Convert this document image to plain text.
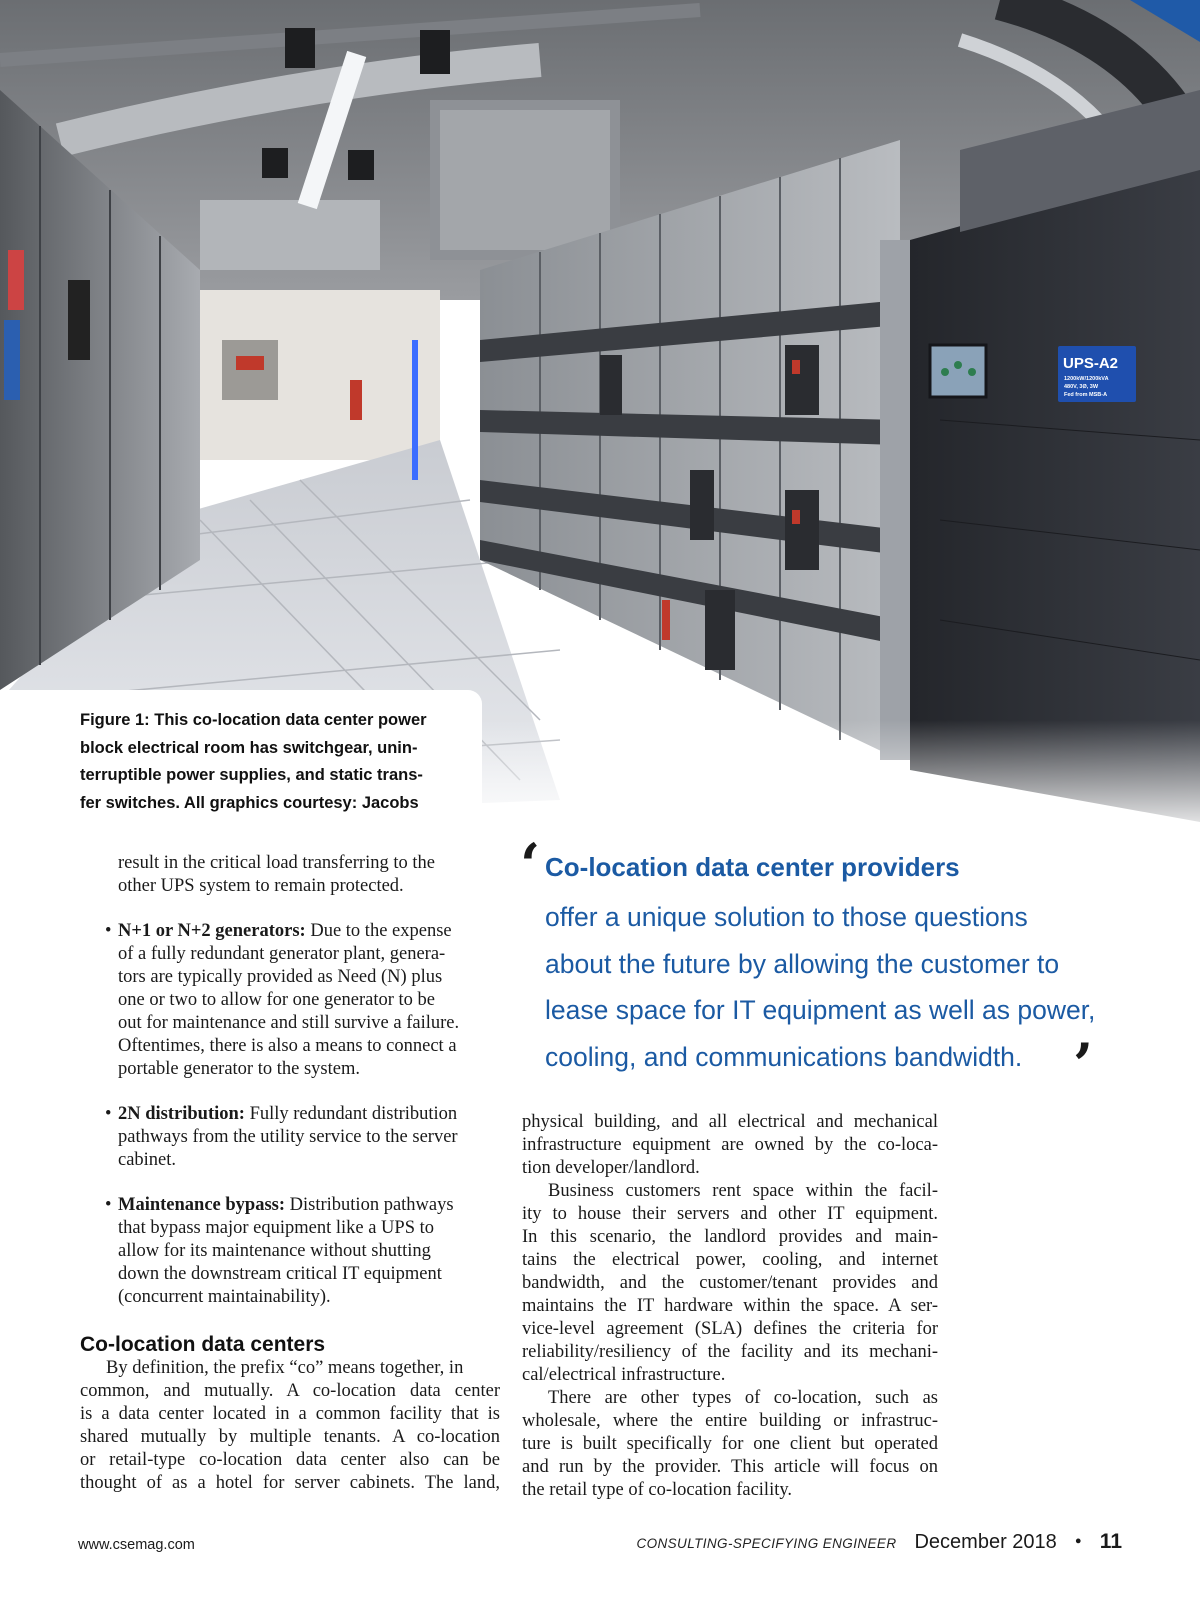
UPS-A2
1200kW/1200kVA
480V, 3Ø, 3W
Fed from MSB-A
Figure 1: This co-location data center power
block electrical room has switchgear, unin-
terruptible power supplies, and static trans-
fer switches. All graphics courtesy: Jacobs
‘ Co-location data center providers
offer a unique solution to those questions
about the future by allowing the customer to
lease space for IT equipment as well as power,
cooling, and communications bandwidth. ’
result in the critical load transferring to the
other UPS system to remain protected.
• N+1 or N+2 generators: Due to the expense
of a fully redundant generator plant, genera-
tors are typically provided as Need (N) plus
one or two to allow for one generator to be
out for maintenance and still survive a failure.
Oftentimes, there is also a means to connect a
portable generator to the system.
• 2N distribution: Fully redundant distribution
pathways from the utility service to the server
cabinet.
• Maintenance bypass: Distribution pathways
that bypass major equipment like a UPS to
allow for its maintenance without shutting
down the downstream critical IT equipment
(concurrent maintainability).
Co-location data centers
By definition, the prefix “co” means together, in
common, and mutually. A co-location data center
is a data center located in a common facility that is
shared mutually by multiple tenants. A co-location
or retail-type co-location data center also can be
thought of as a hotel for server cabinets. The land,

physical building, and all electrical and mechanical
infrastructure equipment are owned by the co-loca-
tion developer/landlord.

Business customers rent space within the facil-
ity to house their servers and other IT equipment.
In this scenario, the landlord provides and main-
tains the electrical power, cooling, and internet
bandwidth, and the customer/tenant provides and
maintains the IT hardware within the space. A ser-
vice-level agreement (SLA) defines the criteria for
reliability/resiliency of the facility and its mechani-
cal/electrical infrastructure.

There are other types of co-location, such as
wholesale, where the entire building or infrastruc-
ture is built specifically for one client but operated
and run by the provider. This article will focus on
the retail type of co-location facility.

www.csemag.com	CONSULTING-SPECIFYING ENGINEER December 2018 • 11
